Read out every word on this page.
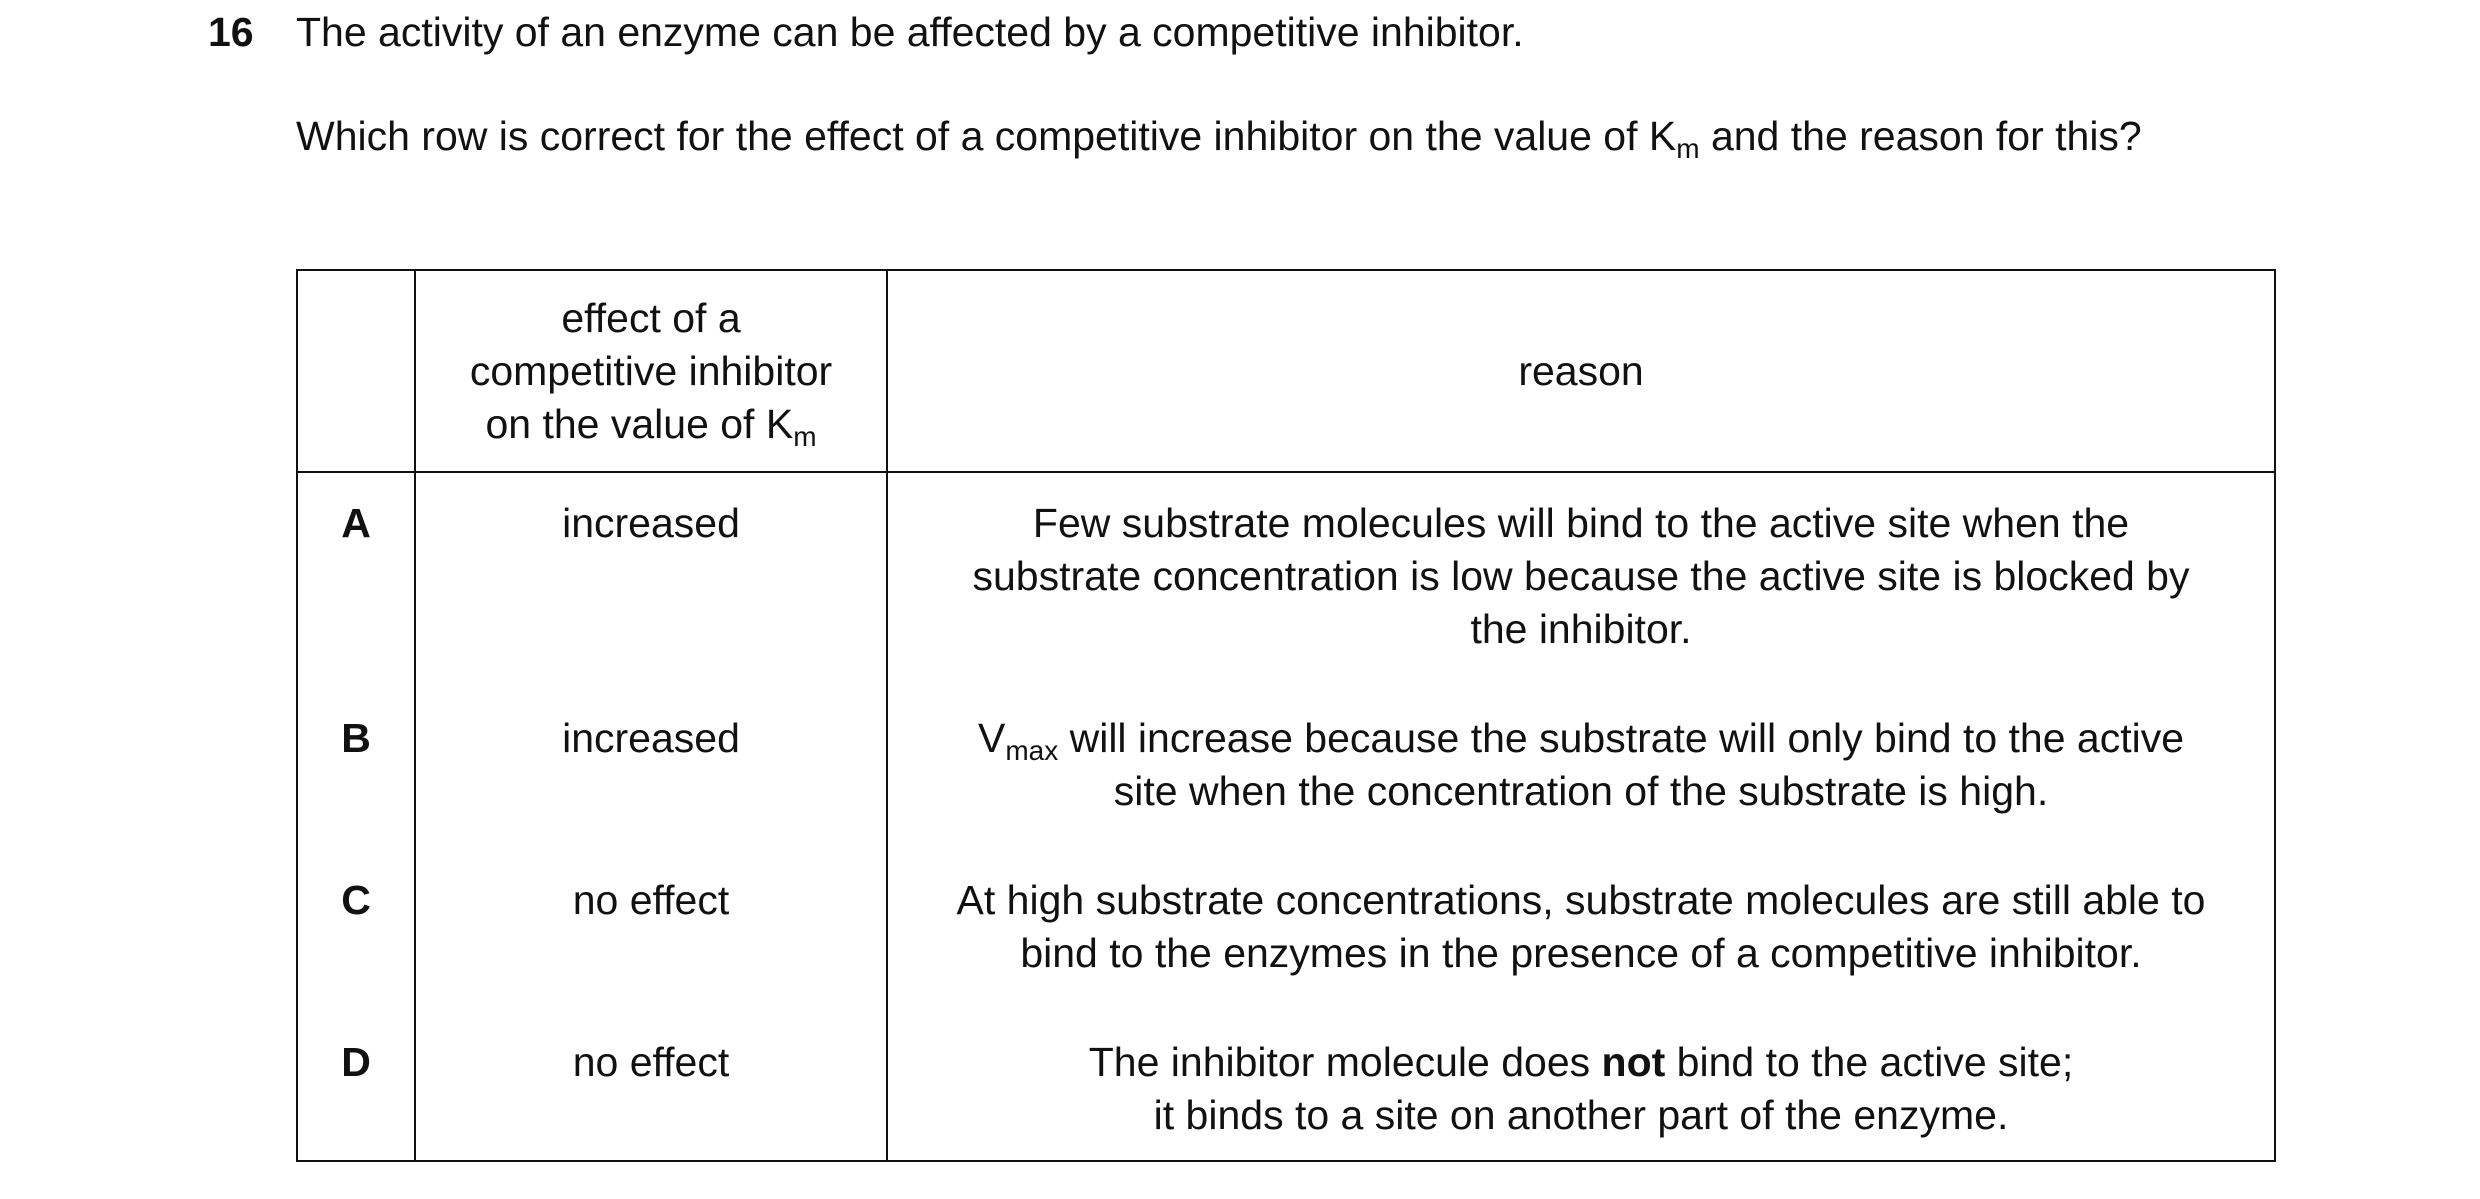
16 The activity of an enzyme can be affected by a competitive inhibitor.
Which row is correct for the effect of a competitive inhibitor on the value of $K_m$ and the reason for this?
	effect of a
competitive inhibitor
on the value of $K_m$	reason
A	increased	Few substrate molecules will bind to the active site when the substrate concentration is low because the active site is blocked by the inhibitor.
B	increased	$V_{max}$ will increase because the substrate will only bind to the active site when the concentration of the substrate is high.
C	no effect	At high substrate concentrations, substrate molecules are still able to bind to the enzymes in the presence of a competitive inhibitor.
D	no effect	The inhibitor molecule does not bind to the active site;
it binds to a site on another part of the enzyme.
